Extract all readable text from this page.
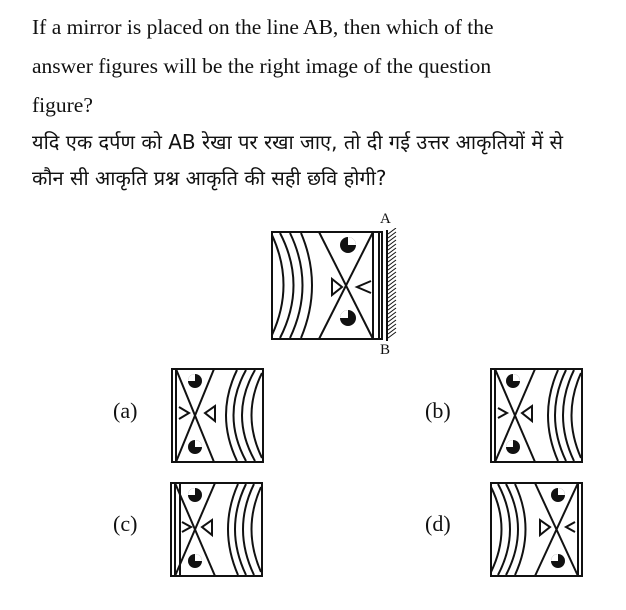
If a mirror is placed on the line AB, then which of the
answer figures will be the right image of the question
figure?
यदि एक दर्पण को AB रेखा पर रखा जाए, तो दी गई उत्तर आकृतियों में से
कौन सी आकृति प्रश्न आकृति की सही छवि होगी?
A
B
(a)	(b)
(c)	(d)
